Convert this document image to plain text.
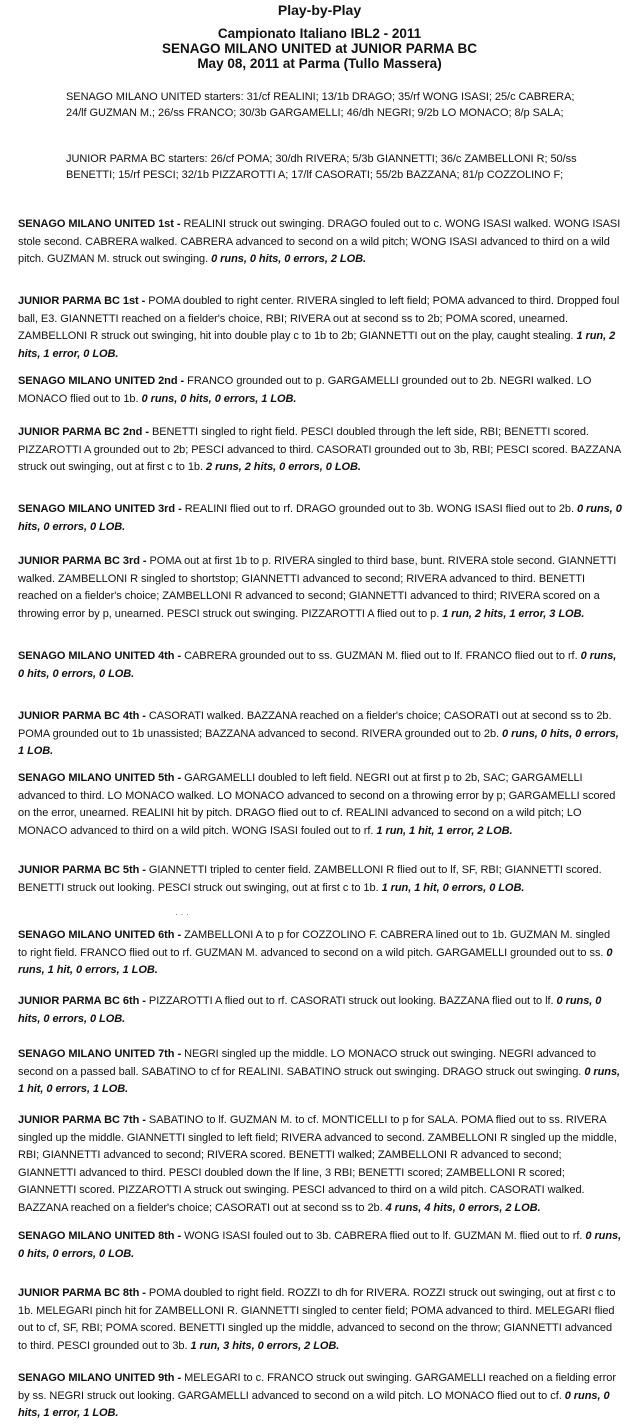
Play-by-Play
Campionato Italiano IBL2 - 2011
SENAGO MILANO UNITED at JUNIOR PARMA BC
May 08, 2011 at Parma (Tullo Massera)
SENAGO MILANO UNITED starters: 31/cf REALINI; 13/1b DRAGO; 35/rf WONG ISASI; 25/c CABRERA; 24/lf GUZMAN M.; 26/ss FRANCO; 30/3b GARGAMELLI; 46/dh NEGRI; 9/2b LO MONACO; 8/p SALA;
JUNIOR PARMA BC starters: 26/cf POMA; 30/dh RIVERA; 5/3b GIANNETTI; 36/c ZAMBELLONI R; 50/ss BENETTI; 15/rf PESCI; 32/1b PIZZAROTTI A; 17/lf CASORATI; 55/2b BAZZANA; 81/p COZZOLINO F;
SENAGO MILANO UNITED 1st - REALINI struck out swinging. DRAGO fouled out to c. WONG ISASI walked. WONG ISASI stole second. CABRERA walked. CABRERA advanced to second on a wild pitch; WONG ISASI advanced to third on a wild pitch. GUZMAN M. struck out swinging. 0 runs, 0 hits, 0 errors, 2 LOB.
JUNIOR PARMA BC 1st - POMA doubled to right center. RIVERA singled to left field; POMA advanced to third. Dropped foul ball, E3. GIANNETTI reached on a fielder's choice, RBI; RIVERA out at second ss to 2b; POMA scored, unearned. ZAMBELLONI R struck out swinging, hit into double play c to 1b to 2b; GIANNETTI out on the play, caught stealing. 1 run, 2 hits, 1 error, 0 LOB.
SENAGO MILANO UNITED 2nd - FRANCO grounded out to p. GARGAMELLI grounded out to 2b. NEGRI walked. LO MONACO flied out to 1b. 0 runs, 0 hits, 0 errors, 1 LOB.
JUNIOR PARMA BC 2nd - BENETTI singled to right field. PESCI doubled through the left side, RBI; BENETTI scored. PIZZAROTTI A grounded out to 2b; PESCI advanced to third. CASORATI grounded out to 3b, RBI; PESCI scored. BAZZANA struck out swinging, out at first c to 1b. 2 runs, 2 hits, 0 errors, 0 LOB.
SENAGO MILANO UNITED 3rd - REALINI flied out to rf. DRAGO grounded out to 3b. WONG ISASI flied out to 2b. 0 runs, 0 hits, 0 errors, 0 LOB.
JUNIOR PARMA BC 3rd - POMA out at first 1b to p. RIVERA singled to third base, bunt. RIVERA stole second. GIANNETTI walked. ZAMBELLONI R singled to shortstop; GIANNETTI advanced to second; RIVERA advanced to third. BENETTI reached on a fielder's choice; ZAMBELLONI R advanced to second; GIANNETTI advanced to third; RIVERA scored on a throwing error by p, unearned. PESCI struck out swinging. PIZZAROTTI A flied out to p. 1 run, 2 hits, 1 error, 3 LOB.
SENAGO MILANO UNITED 4th - CABRERA grounded out to ss. GUZMAN M. flied out to lf. FRANCO flied out to rf. 0 runs, 0 hits, 0 errors, 0 LOB.
JUNIOR PARMA BC 4th - CASORATI walked. BAZZANA reached on a fielder's choice; CASORATI out at second ss to 2b. POMA grounded out to 1b unassisted; BAZZANA advanced to second. RIVERA grounded out to 2b. 0 runs, 0 hits, 0 errors, 1 LOB.
SENAGO MILANO UNITED 5th - GARGAMELLI doubled to left field. NEGRI out at first p to 2b, SAC; GARGAMELLI advanced to third. LO MONACO walked. LO MONACO advanced to second on a throwing error by p; GARGAMELLI scored on the error, unearned. REALINI hit by pitch. DRAGO flied out to cf. REALINI advanced to second on a wild pitch; LO MONACO advanced to third on a wild pitch. WONG ISASI fouled out to rf. 1 run, 1 hit, 1 error, 2 LOB.
JUNIOR PARMA BC 5th - GIANNETTI tripled to center field. ZAMBELLONI R flied out to lf, SF, RBI; GIANNETTI scored. BENETTI struck out looking. PESCI struck out swinging, out at first c to 1b. 1 run, 1 hit, 0 errors, 0 LOB.
· · ·
SENAGO MILANO UNITED 6th - ZAMBELLONI A to p for COZZOLINO F. CABRERA lined out to 1b. GUZMAN M. singled to right field. FRANCO flied out to rf. GUZMAN M. advanced to second on a wild pitch. GARGAMELLI grounded out to ss. 0 runs, 1 hit, 0 errors, 1 LOB.
JUNIOR PARMA BC 6th - PIZZAROTTI A flied out to rf. CASORATI struck out looking. BAZZANA flied out to lf. 0 runs, 0 hits, 0 errors, 0 LOB.
SENAGO MILANO UNITED 7th - NEGRI singled up the middle. LO MONACO struck out swinging. NEGRI advanced to second on a passed ball. SABATINO to cf for REALINI. SABATINO struck out swinging. DRAGO struck out swinging. 0 runs, 1 hit, 0 errors, 1 LOB.
JUNIOR PARMA BC 7th - SABATINO to lf. GUZMAN M. to cf. MONTICELLI to p for SALA. POMA flied out to ss. RIVERA singled up the middle. GIANNETTI singled to left field; RIVERA advanced to second. ZAMBELLONI R singled up the middle, RBI; GIANNETTI advanced to second; RIVERA scored. BENETTI walked; ZAMBELLONI R advanced to second; GIANNETTI advanced to third. PESCI doubled down the lf line, 3 RBI; BENETTI scored; ZAMBELLONI R scored; GIANNETTI scored. PIZZAROTTI A struck out swinging. PESCI advanced to third on a wild pitch. CASORATI walked. BAZZANA reached on a fielder's choice; CASORATI out at second ss to 2b. 4 runs, 4 hits, 0 errors, 2 LOB.
SENAGO MILANO UNITED 8th - WONG ISASI fouled out to 3b. CABRERA flied out to lf. GUZMAN M. flied out to rf. 0 runs, 0 hits, 0 errors, 0 LOB.
JUNIOR PARMA BC 8th - POMA doubled to right field. ROZZI to dh for RIVERA. ROZZI struck out swinging, out at first c to 1b. MELEGARI pinch hit for ZAMBELLONI R. GIANNETTI singled to center field; POMA advanced to third. MELEGARI flied out to cf, SF, RBI; POMA scored. BENETTI singled up the middle, advanced to second on the throw; GIANNETTI advanced to third. PESCI grounded out to 3b. 1 run, 3 hits, 0 errors, 2 LOB.
SENAGO MILANO UNITED 9th - MELEGARI to c. FRANCO struck out swinging. GARGAMELLI reached on a fielding error by ss. NEGRI struck out looking. GARGAMELLI advanced to second on a wild pitch. LO MONACO flied out to cf. 0 runs, 0 hits, 1 error, 1 LOB.
